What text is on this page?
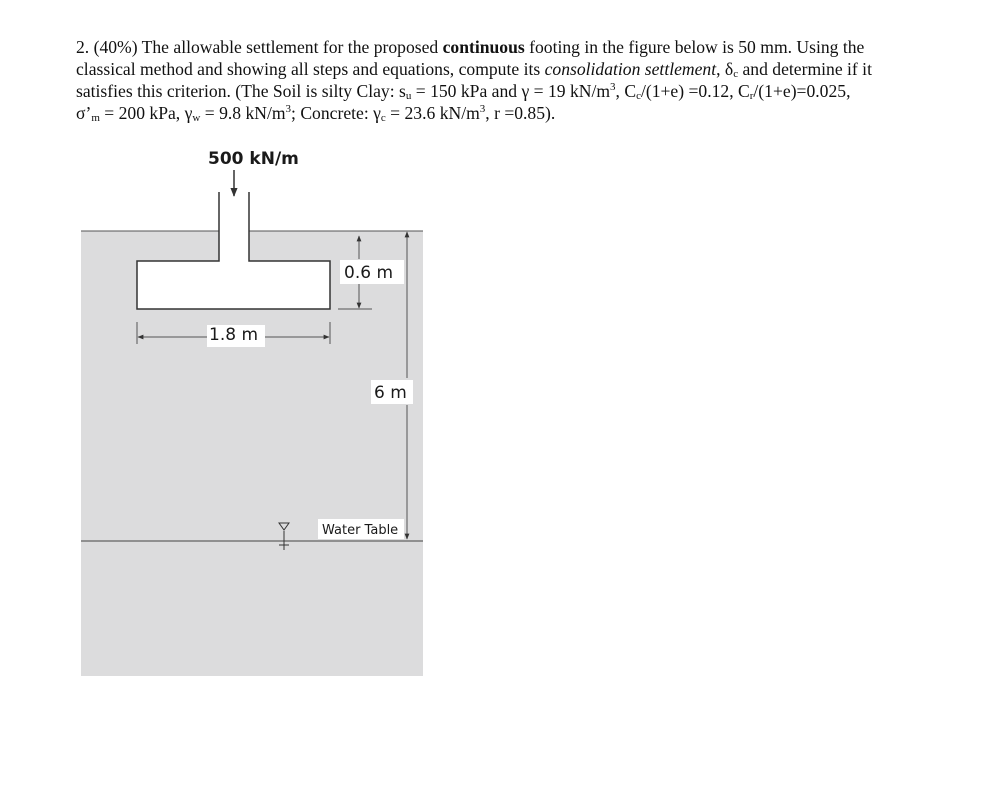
2. (40%) The allowable settlement for the proposed continuous footing in the figure below is 50 mm. Using the
classical method and showing all steps and equations, compute its consolidation settlement, $\delta_c$ and determine if it
satisfies this criterion. (The Soil is silty Clay: $s_u = 150$ kPa and γ = 19 $kN/m^3$, $C_c/(1+e) =0.12$, $C_r/(1+e)=0.025$,
$\sigma’_m = 200$ kPa, $\gamma_w = 9.8$ $kN/m^3$; Concrete: $\gamma_c = 23.6$ $kN/m^3$, r =0.85).
500 kN/m
0.6 m
1.8 m
6 m
Water Table
